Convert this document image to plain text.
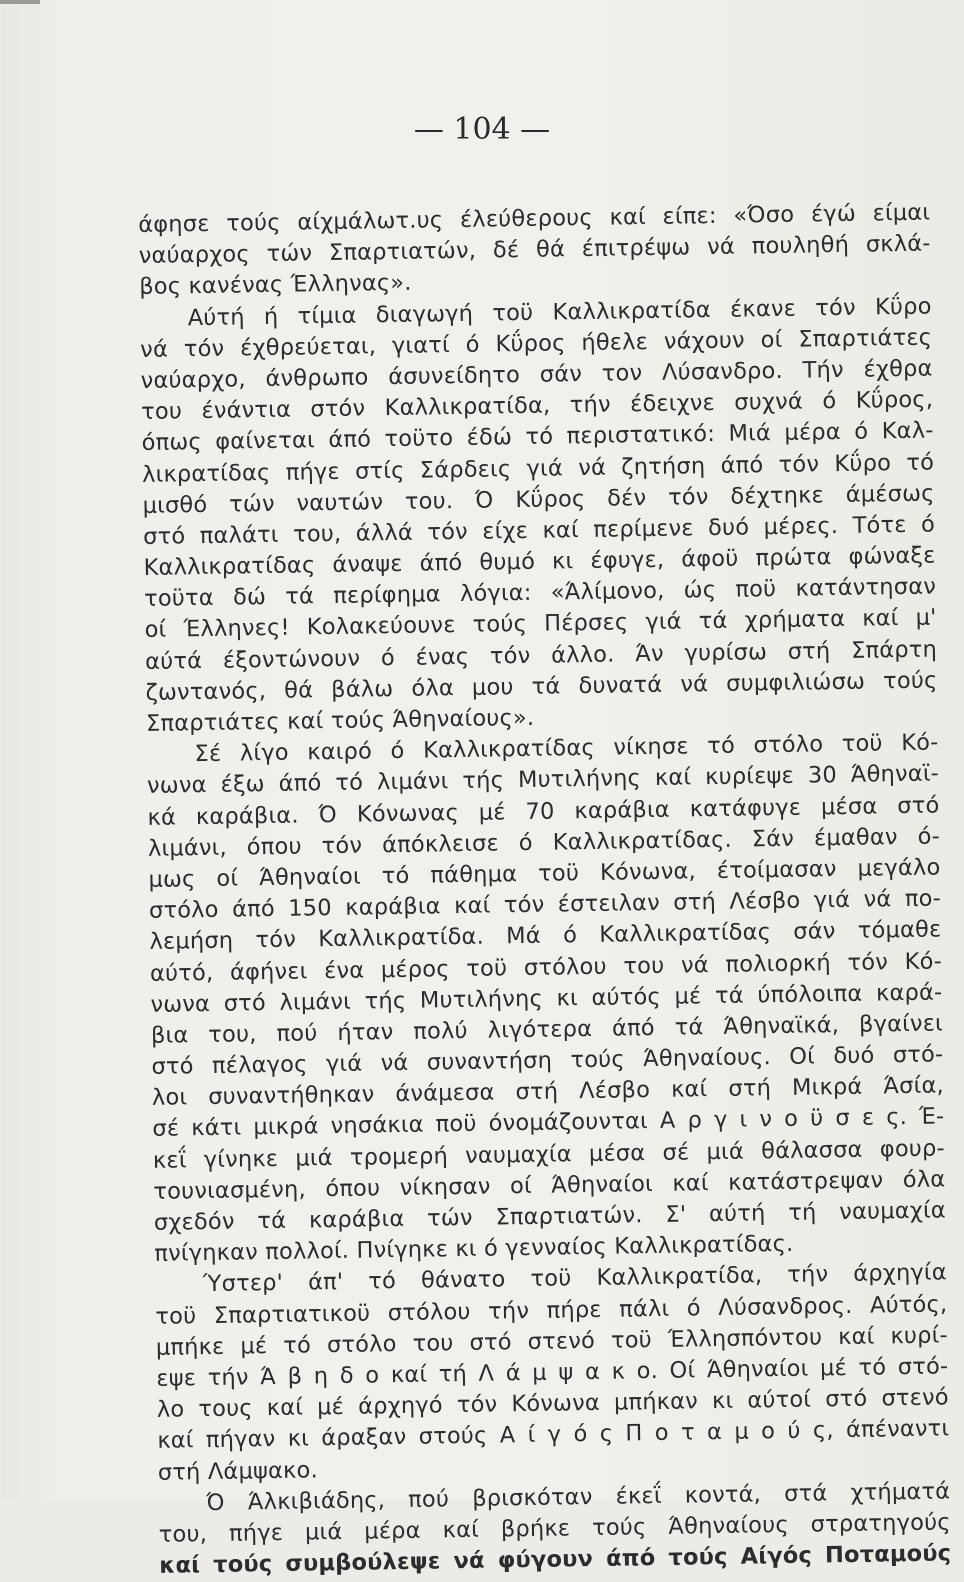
— 104 —
άφησε τούς αίχμάλωτ.υς έλεύθερους καί είπε: «Όσο έγώ είμαι
ναύαρχος τών Σπαρτιατών, δέ θά έπιτρέψω νά πουληθή σκλά-
βος κανένας Έλληνας».
Αύτή ή τίμια διαγωγή τοϋ Καλλικρατίδα έκανε τόν Κΰρο
νά τόν έχθρεύεται, γιατί ό Κΰρος ήθελε νάχουν οί Σπαρτιάτες
ναύαρχο, άνθρωπο άσυνείδητο σάν τον Λύσανδρο. Τήν έχθρα
του ένάντια στόν Καλλικρατίδα, τήν έδειχνε συχνά ό Κΰρος,
όπως φαίνεται άπό τοϋτο έδώ τό περιστατικό: Μιά μέρα ό Καλ-
λικρατίδας πήγε στίς Σάρδεις γιά νά ζητήση άπό τόν Κΰρο τό
μισθό τών ναυτών του. Ό Κΰρος δέν τόν δέχτηκε άμέσως
στό παλάτι του, άλλά τόν είχε καί περίμενε δυό μέρες. Τότε ό
Καλλικρατίδας άναψε άπό θυμό κι έφυγε, άφοϋ πρώτα φώναξε
τοϋτα δώ τά περίφημα λόγια: «Άλίμονο, ώς ποϋ κατάντησαν
οί Έλληνες! Κολακεύουνε τούς Πέρσες γιά τά χρήματα καί μ'
αύτά έξοντώνουν ό ένας τόν άλλο. Άν γυρίσω στή Σπάρτη
ζωντανός, θά βάλω όλα μου τά δυνατά νά συμφιλιώσω τούς
Σπαρτιάτες καί τούς Άθηναίους».
Σέ λίγο καιρό ό Καλλικρατίδας νίκησε τό στόλο τοϋ Κό-
νωνα έξω άπό τό λιμάνι τής Μυτιλήνης καί κυρίεψε 30 Άθηναϊ-
κά καράβια. Ό Κόνωνας μέ 70 καράβια κατάφυγε μέσα στό
λιμάνι, όπου τόν άπόκλεισε ό Καλλικρατίδας. Σάν έμαθαν ό-
μως οί Άθηναίοι τό πάθημα τοϋ Κόνωνα, έτοίμασαν μεγάλο
στόλο άπό 150 καράβια καί τόν έστειλαν στή Λέσβο γιά νά πο-
λεμήση τόν Καλλικρατίδα. Μά ό Καλλικρατίδας σάν τόμαθε
αύτό, άφήνει ένα μέρος τοϋ στόλου του νά πολιορκή τόν Κό-
νωνα στό λιμάνι τής Μυτιλήνης κι αύτός μέ τά ύπόλοιπα καρά-
βια του, πού ήταν πολύ λιγότερα άπό τά Άθηναϊκά, βγαίνει
στό πέλαγος γιά νά συναντήση τούς Άθηναίους. Οί δυό στό-
λοι συναντήθηκαν άνάμεσα στή Λέσβο καί στή Μικρά Άσία,
σέ κάτι μικρά νησάκια ποϋ όνομάζουνται Α ρ γ ι ν ο ϋ σ ε ς. Έ-
κεΐ γίνηκε μιά τρομερή ναυμαχία μέσα σέ μιά θάλασσα φουρ-
τουνιασμένη, όπου νίκησαν οί Άθηναίοι καί κατάστρεψαν όλα
σχεδόν τά καράβια τών Σπαρτιατών. Σ' αύτή τή ναυμαχία
πνίγηκαν πολλοί. Πνίγηκε κι ό γενναίος Καλλικρατίδας.
Ύστερ' άπ' τό θάνατο τοϋ Καλλικρατίδα, τήν άρχηγία
τοϋ Σπαρτιατικοϋ στόλου τήν πήρε πάλι ό Λύσανδρος. Αύτός,
μπήκε μέ τό στόλο του στό στενό τοϋ Έλλησπόντου καί κυρί-
εψε τήν Ά β η δ ο καί τή Λ ά μ ψ α κ ο. Οί Άθηναίοι μέ τό στό-
λο τους καί μέ άρχηγό τόν Κόνωνα μπήκαν κι αύτοί στό στενό
καί πήγαν κι άραξαν στούς Α ί γ ό ς Π ο τ α μ ο ύ ς, άπέναντι
στή Λάμψακο.
Ό Άλκιβιάδης, πού βρισκόταν έκεΐ κοντά, στά χτήματά
του, πήγε μιά μέρα καί βρήκε τούς Άθηναίους στρατηγούς
καί τούς συμβούλεψε νά φύγουν άπό τούς Αίγός Ποταμούς
